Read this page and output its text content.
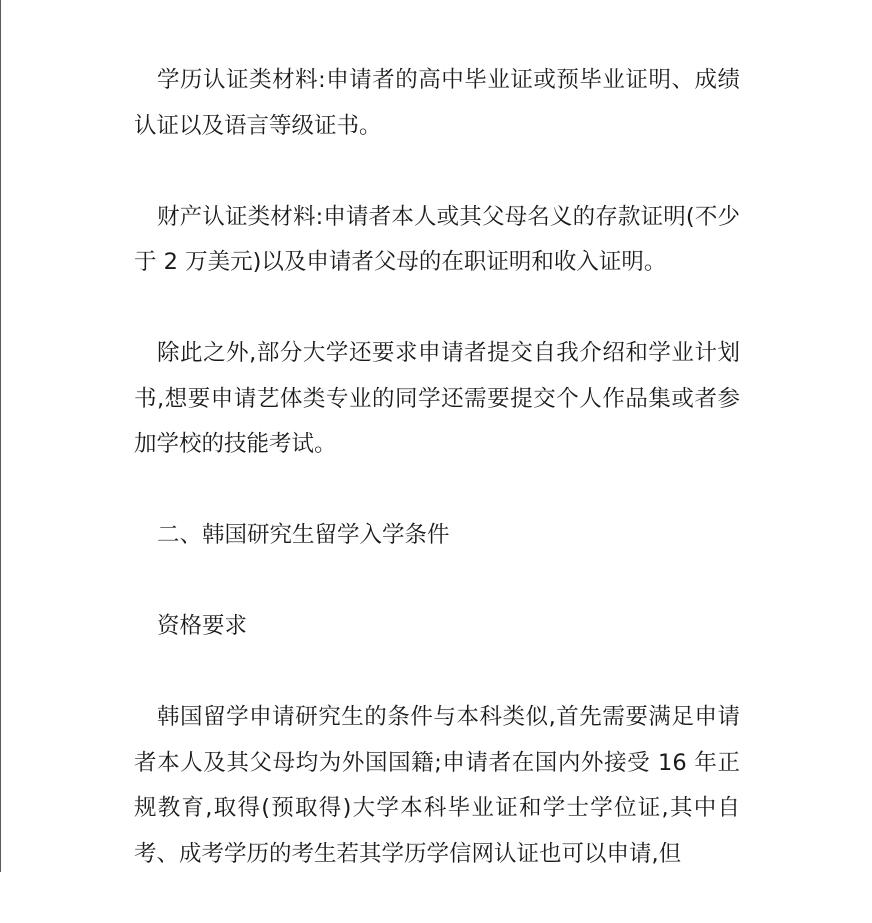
学历认证类材料:申请者的高中毕业证或预毕业证明、成绩认证以及语言等级证书。

财产认证类材料:申请者本人或其父母名义的存款证明(不少于 2 万美元)以及申请者父母的在职证明和收入证明。

除此之外,部分大学还要求申请者提交自我介绍和学业计划书,想要申请艺体类专业的同学还需要提交个人作品集或者参加学校的技能考试。

二、韩国研究生留学入学条件

资格要求

韩国留学申请研究生的条件与本科类似,首先需要满足申请者本人及其父母均为外国国籍;申请者在国内外接受 16 年正规教育,取得(预取得)大学本科毕业证和学士学位证,其中自考、成考学历的考生若其学历学信网认证也可以申请,但
